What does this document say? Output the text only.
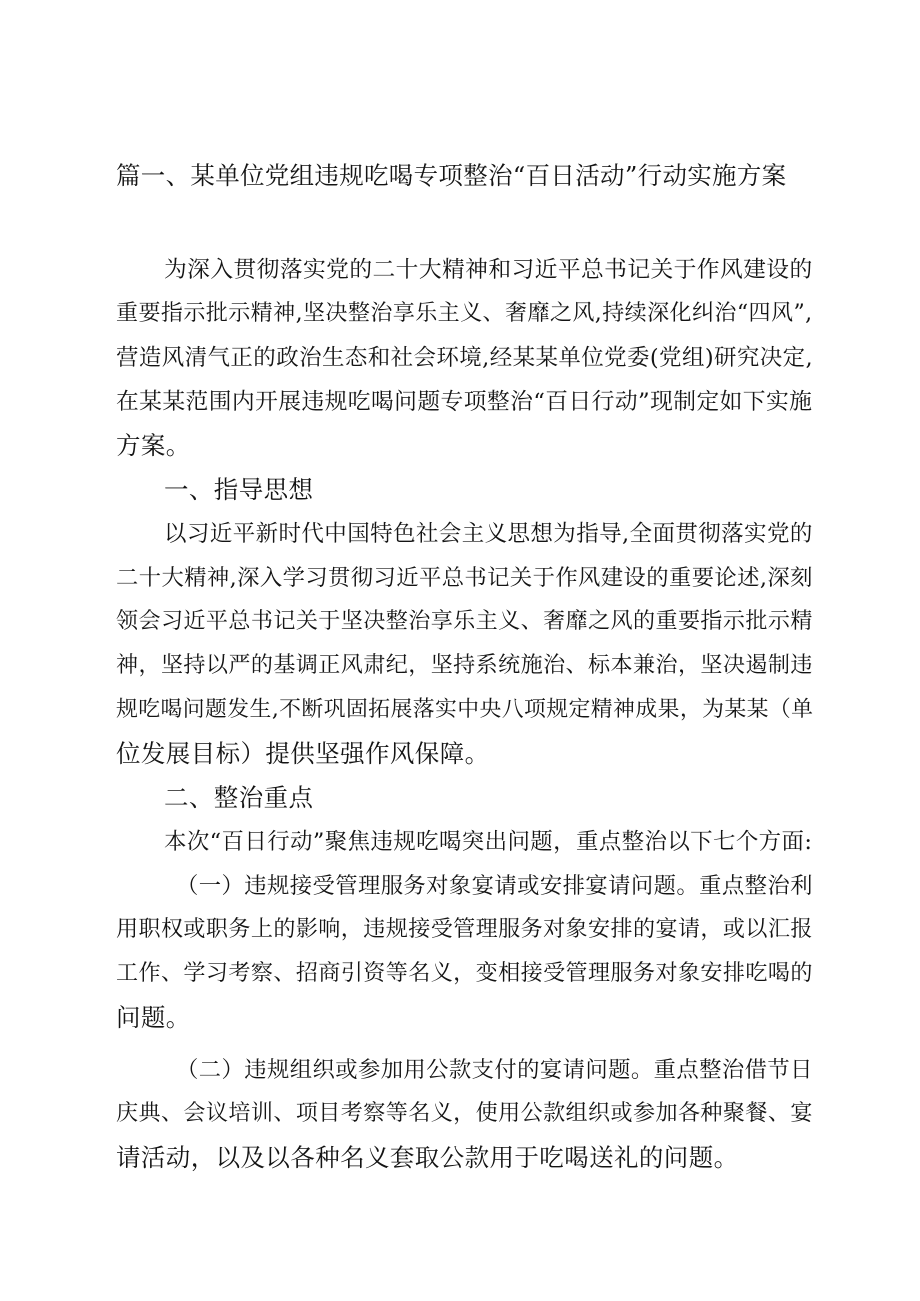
篇一、某单位党组违规吃喝专项整治“百日活动”行动实施方案
为深入贯彻落实党的二十大精神和习近平总书记关于作风建设的
重要指示批示精神,坚决整治享乐主义、奢靡之风,持续深化纠治“四风”,
营造风清气正的政治生态和社会环境,经某某单位党委(党组)研究决定,
在某某范围内开展违规吃喝问题专项整治“百日行动”现制定如下实施
方案。
一、指导思想
以习近平新时代中国特色社会主义思想为指导,全面贯彻落实党的
二十大精神,深入学习贯彻习近平总书记关于作风建设的重要论述,深刻
领会习近平总书记关于坚决整治享乐主义、奢靡之风的重要指示批示精
神，坚持以严的基调正风肃纪，坚持系统施治、标本兼治，坚决遏制违
规吃喝问题发生,不断巩固拓展落实中央八项规定精神成果，为某某（单
位发展目标）提供坚强作风保障。
二、整治重点
本次“百日行动”聚焦违规吃喝突出问题，重点整治以下七个方面:
（一）违规接受管理服务对象宴请或安排宴请问题。重点整治利
用职权或职务上的影响，违规接受管理服务对象安排的宴请，或以汇报
工作、学习考察、招商引资等名义，变相接受管理服务对象安排吃喝的
问题。
（二）违规组织或参加用公款支付的宴请问题。重点整治借节日
庆典、会议培训、项目考察等名义，使用公款组织或参加各种聚餐、宴
请活动，以及以各种名义套取公款用于吃喝送礼的问题。
